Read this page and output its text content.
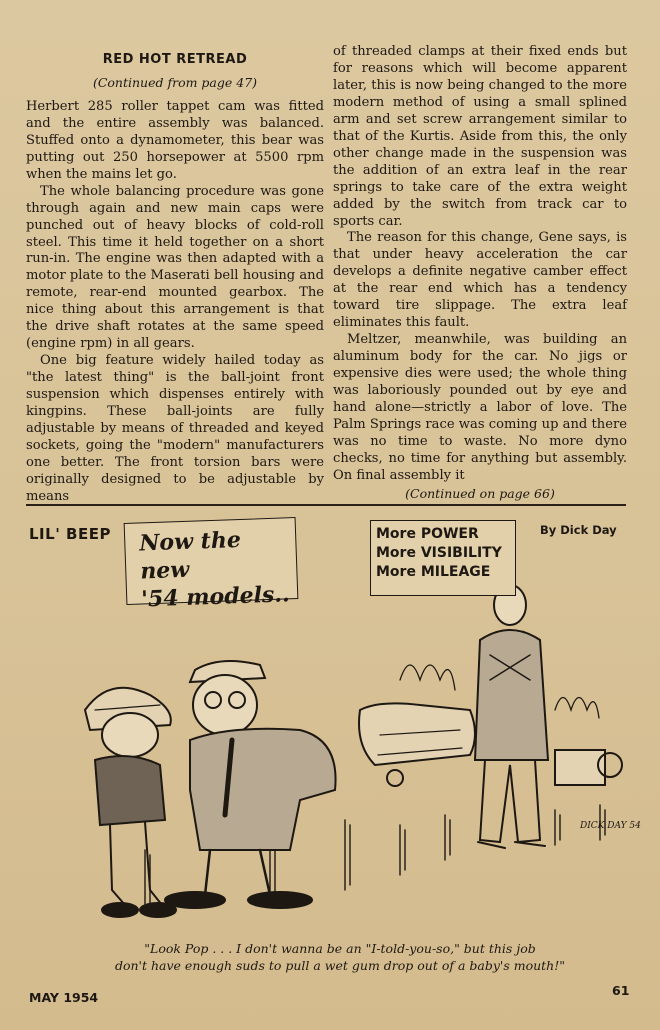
RED HOT RETREAD
(Continued from page 47)

Herbert 285 roller tappet cam was fitted and the entire assembly was balanced. Stuffed onto a dynamometer, this bear was putting out 250 horsepower at 5500 rpm when the mains let go.

The whole balancing procedure was gone through again and new main caps were punched out of heavy blocks of cold-roll steel. This time it held together on a short run-in. The engine was then adapted with a motor plate to the Maserati bell housing and remote, rear-end mounted gearbox. The nice thing about this arrangement is that the drive shaft rotates at the same speed (engine rpm) in all gears.

One big feature widely hailed today as "the latest thing" is the ball-joint front suspension which dispenses entirely with kingpins. These ball-joints are fully adjustable by means of threaded and keyed sockets, going the "modern" manufacturers one better. The front torsion bars were originally designed to be adjustable by means

of threaded clamps at their fixed ends but for reasons which will become apparent later, this is now being changed to the more modern method of using a small splined arm and set screw arrangement similar to that of the Kurtis. Aside from this, the only other change made in the suspension was the addition of an extra leaf in the rear springs to take care of the extra weight added by the switch from track car to sports car.

The reason for this change, Gene says, is that under heavy acceleration the car develops a definite negative camber effect at the rear end which has a tendency toward tire slippage. The extra leaf eliminates this fault.

Meltzer, meanwhile, was building an aluminum body for the car. No jigs or expensive dies were used; the whole thing was laboriously pounded out by eye and hand alone—strictly a labor of love. The Palm Springs race was coming up and there was no time to waste. No more dyno checks, no time for anything but assembly. On final assembly it

(Continued on page 66)
LIL' BEEP	By Dick Day
DICK DAY 54
Now the new
'54 models..
More POWER
More VISIBILITY
More MILEAGE
"Look Pop . . . I don't wanna be an "I-told-you-so," but this job
don't have enough suds to pull a wet gum drop out of a baby's mouth!"
MAY 1954	61
